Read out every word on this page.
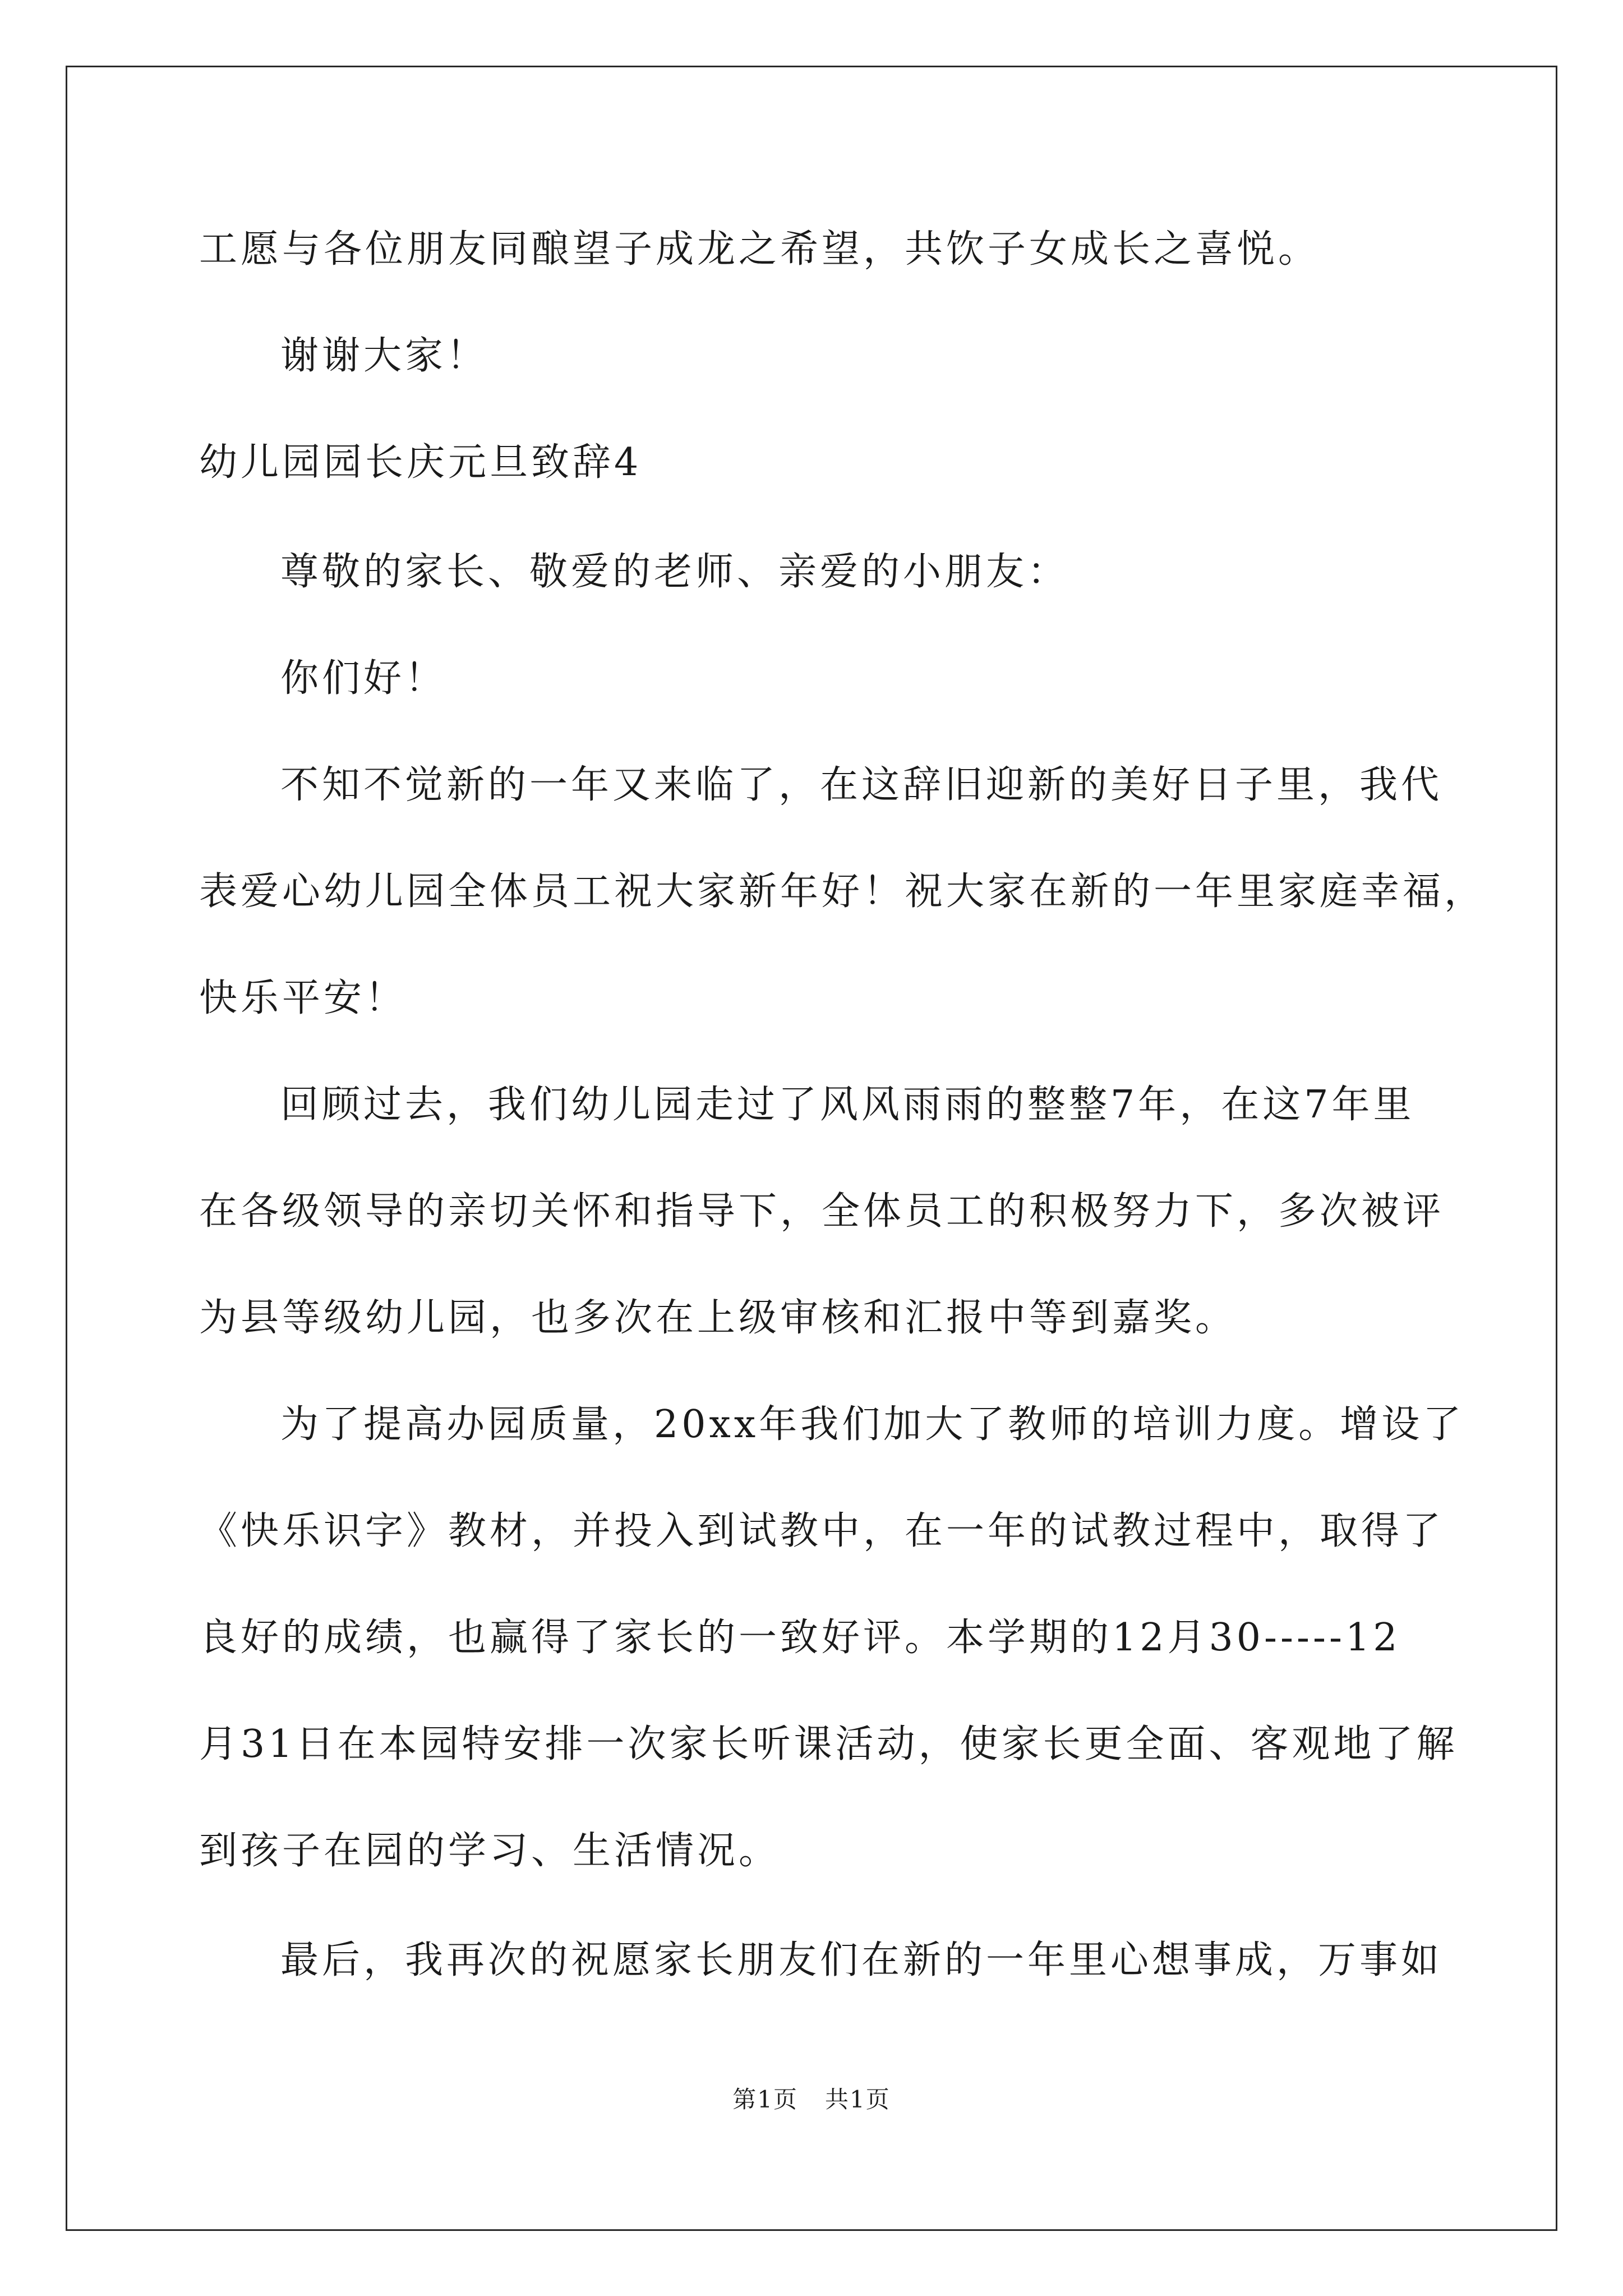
工愿与各位朋友同酿望子成龙之希望，共饮子女成长之喜悦。
谢谢大家！
幼儿园园长庆元旦致辞4
尊敬的家长、敬爱的老师、亲爱的小朋友：
你们好！
不知不觉新的一年又来临了，在这辞旧迎新的美好日子里，我代
表爱心幼儿园全体员工祝大家新年好！祝大家在新的一年里家庭幸福，
快乐平安！
回顾过去，我们幼儿园走过了风风雨雨的整整7年，在这7年里
在各级领导的亲切关怀和指导下，全体员工的积极努力下，多次被评
为县等级幼儿园，也多次在上级审核和汇报中等到嘉奖。
为了提高办园质量，20xx年我们加大了教师的培训力度。增设了
《快乐识字》教材，并投入到试教中，在一年的试教过程中，取得了
良好的成绩，也赢得了家长的一致好评。本学期的12月30-----12
月31日在本园特安排一次家长听课活动，使家长更全面、客观地了解
到孩子在园的学习、生活情况。
最后，我再次的祝愿家长朋友们在新的一年里心想事成，万事如
第1页 共1页
